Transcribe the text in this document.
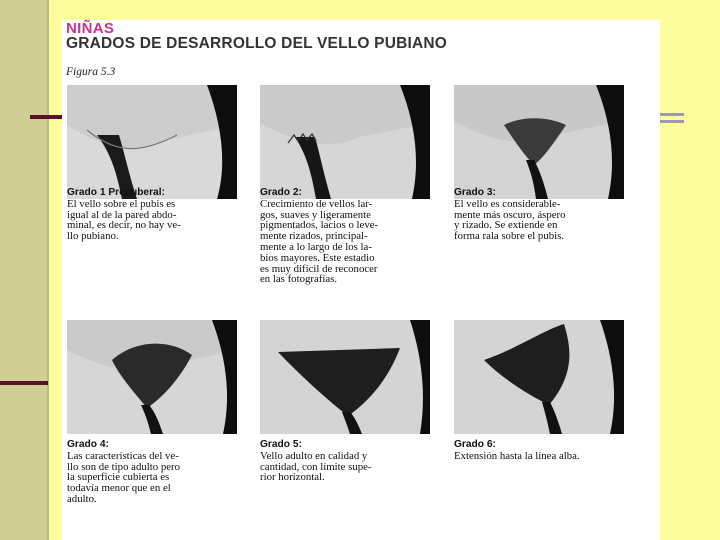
NIÑAS
GRADOS DE DESARROLLO DEL VELLO PUBIANO
Figura 5.3
Grado 1 Prepuberal:
El vello sobre el pubis es
igual al de la pared abdo-
minal, es decir, no hay ve-
llo pubiano.
Grado 2:
Crecimiento de vellos lar-
gos, suaves y ligeramente
pigmentados, lacios o leve-
mente rizados, principal-
mente a lo largo de los la-
bios mayores. Este estadio
es muy difícil de reconocer
en las fotografías.
Grado 3:
El vello es considerable-
mente más oscuro, áspero
y rizado. Se extiende en
forma rala sobre el pubis.
Grado 4:
Las características del ve-
llo son de tipo adulto pero
la superficie cubierta es
todavía menor que en el
adulto.
Grado 5:
Vello adulto en calidad y
cantidad, con límite supe-
rior horizontal.
Grado 6:
Extensión hasta la línea alba.
